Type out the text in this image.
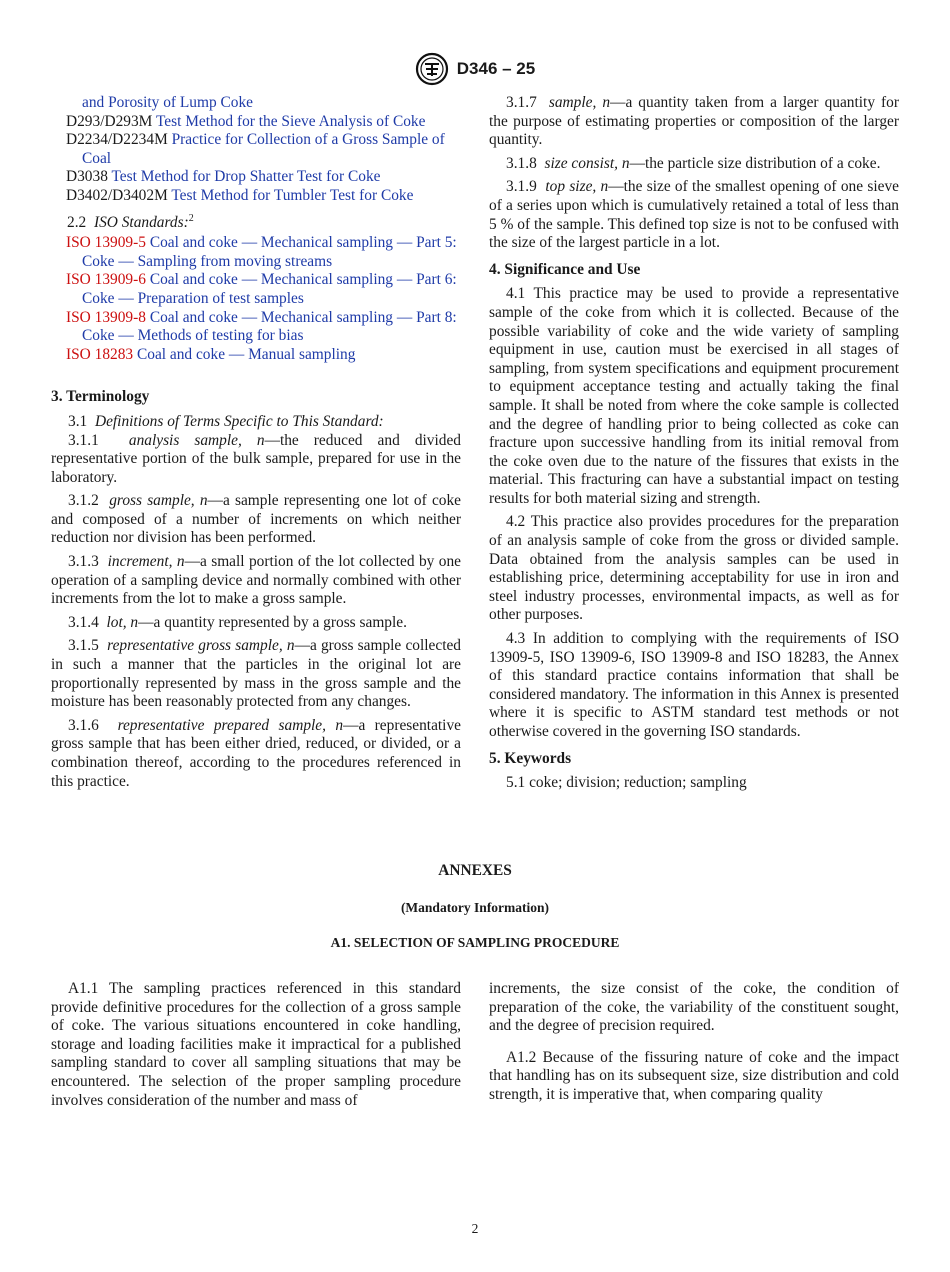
D346 – 25
and Porosity of Lump Coke
D293/D293M Test Method for the Sieve Analysis of Coke
D2234/D2234M Practice for Collection of a Gross Sample of Coal
D3038 Test Method for Drop Shatter Test for Coke
D3402/D3402M Test Method for Tumbler Test for Coke
2.2 ISO Standards:$^2$
ISO 13909-5 Coal and coke — Mechanical sampling — Part 5: Coke — Sampling from moving streams
ISO 13909-6 Coal and coke — Mechanical sampling — Part 6: Coke — Preparation of test samples
ISO 13909-8 Coal and coke — Mechanical sampling — Part 8: Coke — Methods of testing for bias
ISO 18283 Coal and coke — Manual sampling
3. Terminology
3.1 Definitions of Terms Specific to This Standard:
3.1.1 analysis sample, n—the reduced and divided representative portion of the bulk sample, prepared for use in the laboratory.
3.1.2 gross sample, n—a sample representing one lot of coke and composed of a number of increments on which neither reduction nor division has been performed.
3.1.3 increment, n—a small portion of the lot collected by one operation of a sampling device and normally combined with other increments from the lot to make a gross sample.
3.1.4 lot, n—a quantity represented by a gross sample.
3.1.5 representative gross sample, n—a gross sample collected in such a manner that the particles in the original lot are proportionally represented by mass in the gross sample and the moisture has been reasonably protected from any changes.
3.1.6 representative prepared sample, n—a representative gross sample that has been either dried, reduced, or divided, or a combination thereof, according to the procedures referenced in this practice.
3.1.7 sample, n—a quantity taken from a larger quantity for the purpose of estimating properties or composition of the larger quantity.
3.1.8 size consist, n—the particle size distribution of a coke.
3.1.9 top size, n—the size of the smallest opening of one sieve of a series upon which is cumulatively retained a total of less than 5 % of the sample. This defined top size is not to be confused with the size of the largest particle in a lot.
4. Significance and Use
4.1 This practice may be used to provide a representative sample of the coke from which it is collected. Because of the possible variability of coke and the wide variety of sampling equipment in use, caution must be exercised in all stages of sampling, from system specifications and equipment procurement to equipment acceptance testing and actually taking the final sample. It shall be noted from where the coke sample is collected and the degree of handling prior to being collected as coke can fracture upon successive handling from its initial removal from the coke oven due to the nature of the fissures that exists in the material. This fracturing can have a substantial impact on testing results for both material sizing and strength.
4.2 This practice also provides procedures for the preparation of an analysis sample of coke from the gross or divided sample. Data obtained from the analysis samples can be used in establishing price, determining acceptability for use in iron and steel industry processes, environmental impacts, as well as for other purposes.
4.3 In addition to complying with the requirements of ISO 13909-5, ISO 13909-6, ISO 13909-8 and ISO 18283, the Annex of this standard practice contains information that shall be considered mandatory. The information in this Annex is presented where it is specific to ASTM standard test methods or not otherwise covered in the governing ISO standards.
5. Keywords
5.1 coke; division; reduction; sampling
ANNEXES
(Mandatory Information)
A1. SELECTION OF SAMPLING PROCEDURE
A1.1 The sampling practices referenced in this standard provide definitive procedures for the collection of a gross sample of coke. The various situations encountered in coke handling, storage and loading facilities make it impractical for a published sampling standard to cover all sampling situations that may be encountered. The selection of the proper sampling procedure involves consideration of the number and mass of
increments, the size consist of the coke, the condition of preparation of the coke, the variability of the constituent sought, and the degree of precision required.
A1.2 Because of the fissuring nature of coke and the impact that handling has on its subsequent size, size distribution and cold strength, it is imperative that, when comparing quality
2
